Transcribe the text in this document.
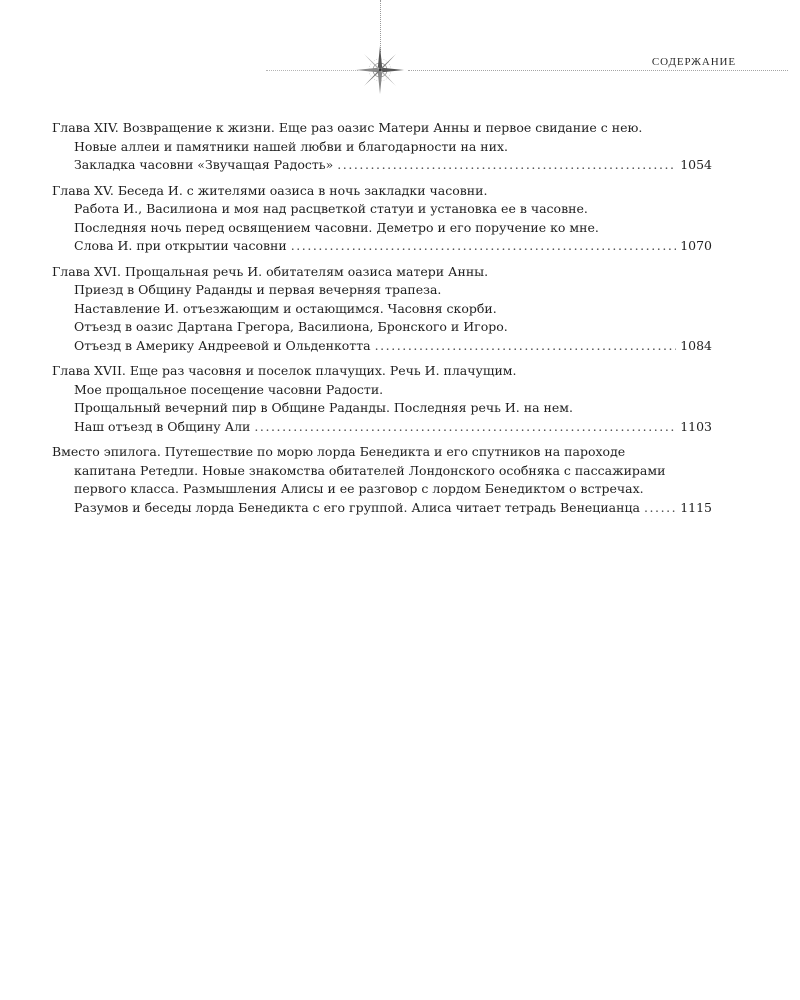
СОДЕРЖАНИЕ
Глава XIV. Возвращение к жизни. Еще раз оазис Матери Анны и первое свидание с нею.
Новые аллеи и памятники нашей любви и благодарности на них.
Закладка часовни «Звучащая Радость» . . .	1054
Глава XV. Беседа И. с жителями оазиса в ночь закладки часовни.
Работа И., Василиона и моя над расцветкой статуи и установка ее в часовне.
Последняя ночь перед освящением часовни. Деметро и его поручение ко мне.
Слова И. при открытии часовни . . .	1070
Глава XVI. Прощальная речь И. обитателям оазиса матери Анны.
Приезд в Общину Раданды и первая вечерняя трапеза.
Наставление И. отъезжающим и остающимся. Часовня скорби.
Отъезд в оазис Дартана Грегора, Василиона, Бронского и Игоро.
Отъезд в Америку Андреевой и Ольденкотта . . .	1084
Глава XVII. Еще раз часовня и поселок плачущих. Речь И. плачущим.
Мое прощальное посещение часовни Радости.
Прощальный вечерний пир в Общине Раданды. Последняя речь И. на нем.
Наш отъезд в Общину Али . . .	1103
Вместо эпилога. Путешествие по морю лорда Бенедикта и его спутников на пароходе
капитана Ретедли. Новые знакомства обитателей Лондонского особняка с пассажирами
первого класса. Размышления Алисы и ее разговор с лордом Бенедиктом о встречах.
Разумов и беседы лорда Бенедикта с его группой. Алиса читает тетрадь Венецианца . . .	1115
